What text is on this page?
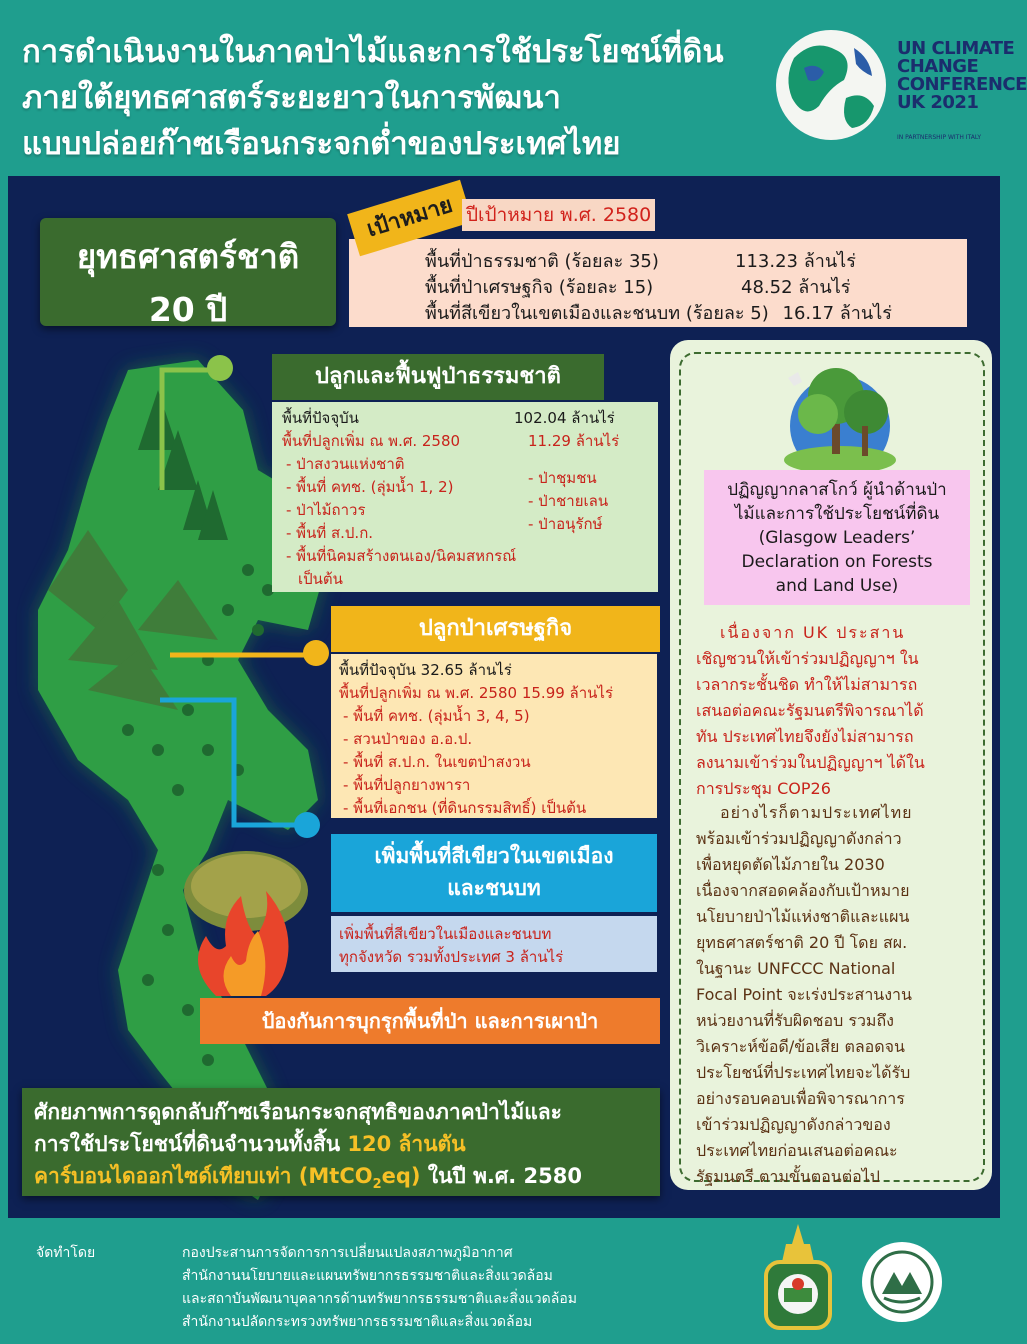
การดำเนินงานในภาคป่าไม้และการใช้ประโยชน์ที่ดิน
ภายใต้ยุทธศาสตร์ระยะยาวในการพัฒนา
แบบปล่อยก๊าซเรือนกระจกต่ำของประเทศไทย
UN CLIMATE
CHANGE
CONFERENCE
UK 2021
IN PARTNERSHIP WITH ITALY
ยุทธศาสตร์ชาติ
20 ปี
พื้นที่ป่าธรรมชาติ (ร้อยละ 35)	113.23 ล้านไร่
พื้นที่ป่าเศรษฐกิจ (ร้อยละ 15)	48.52 ล้านไร่
พื้นที่สีเขียวในเขตเมืองและชนบท (ร้อยละ 5) 16.17 ล้านไร่
เป้าหมาย ปีเป้าหมาย พ.ศ. 2580
ปลูกและฟื้นฟูป่าธรรมชาติ
พื้นที่ปัจจุบัน	102.04 ล้านไร่
พื้นที่ปลูกเพิ่ม ณ พ.ศ. 2580	11.29 ล้านไร่
- ป่าสงวนแห่งชาติ
- พื้นที่ คทช. (ลุ่มน้ำ 1, 2)
- ป่าไม้ถาวร
- พื้นที่ ส.ป.ก.
- พื้นที่นิคมสร้างตนเอง/นิคมสหกรณ์
เป็นต้น
- ป่าชุมชน
- ป่าชายเลน
- ป่าอนุรักษ์
ปลูกป่าเศรษฐกิจ
พื้นที่ปัจจุบัน 32.65 ล้านไร่
พื้นที่ปลูกเพิ่ม ณ พ.ศ. 2580 15.99 ล้านไร่
- พื้นที่ คทช. (ลุ่มน้ำ 3, 4, 5)
- สวนป่าของ อ.อ.ป.
- พื้นที่ ส.ป.ก. ในเขตป่าสงวน
- พื้นที่ปลูกยางพารา
- พื้นที่เอกชน (ที่ดินกรรมสิทธิ์) เป็นต้น
เพิ่มพื้นที่สีเขียวในเขตเมือง
และชนบท
เพิ่มพื้นที่สีเขียวในเมืองและชนบท
ทุกจังหวัด รวมทั้งประเทศ 3 ล้านไร่
ป้องกันการบุกรุกพื้นที่ป่า และการเผาป่า
ศักยภาพการดูดกลับก๊าซเรือนกระจกสุทธิของภาคป่าไม้และ
การใช้ประโยชน์ที่ดินจำนวนทั้งสิ้น 120 ล้านตัน
คาร์บอนไดออกไซด์เทียบเท่า (MtCO$_2$eq) ในปี พ.ศ. 2580
ปฏิญญากลาสโกว์ ผู้นำด้านป่า
ไม้และการใช้ประโยชน์ที่ดิน
(Glasgow Leaders’
Declaration on Forests
and Land Use)
เนื่องจาก UK ประสาน
เชิญชวนให้เข้าร่วมปฏิญญาฯ ใน
เวลากระชั้นชิด ทำให้ไม่สามารถ
เสนอต่อคณะรัฐมนตรีพิจารณาได้
ทัน ประเทศไทยจึงยังไม่สามารถ
ลงนามเข้าร่วมในปฏิญญาฯ ได้ใน
การประชุม COP26
อย่างไรก็ตามประเทศไทย
พร้อมเข้าร่วมปฏิญญาดังกล่าว
เพื่อหยุดตัดไม้ภายใน 2030
เนื่องจากสอดคล้องกับเป้าหมาย
นโยบายป่าไม้แห่งชาติและแผน
ยุทธศาสตร์ชาติ 20 ปี โดย สผ.
ในฐานะ UNFCCC National
Focal Point จะเร่งประสานงาน
หน่วยงานที่รับผิดชอบ รวมถึง
วิเคราะห์ข้อดี/ข้อเสีย ตลอดจน
ประโยชน์ที่ประเทศไทยจะได้รับ
อย่างรอบคอบเพื่อพิจารณาการ
เข้าร่วมปฏิญญาดังกล่าวของ
ประเทศไทยก่อนเสนอต่อคณะ
รัฐมนตรี ตามขั้นตอนต่อไป
จัดทำโดย	กองประสานการจัดการการเปลี่ยนแปลงสภาพภูมิอากาศ
สำนักงานนโยบายและแผนทรัพยากรธรรมชาติและสิ่งแวดล้อม
และสถาบันพัฒนาบุคลากรด้านทรัพยากรธรรมชาติและสิ่งแวดล้อม
สำนักงานปลัดกระทรวงทรัพยากรธรรมชาติและสิ่งแวดล้อม
